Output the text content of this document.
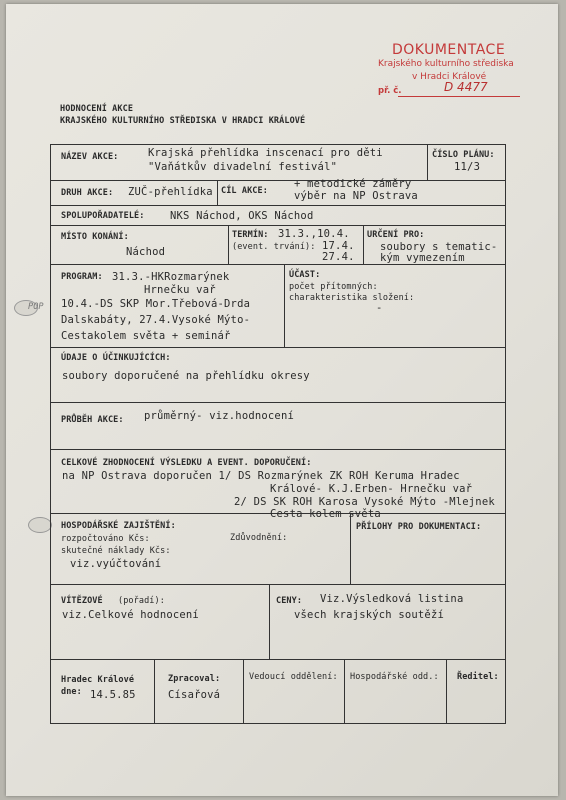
POP
DOKUMENTACE
Krajského kulturního střediska
v Hradci Králové
př. č.	D 4477
HODNOCENÍ AKCE
KRAJSKÉHO KULTURNÍHO STŘEDISKA V HRADCI KRÁLOVÉ
NÁZEV AKCE:	Krajská přehlídka inscenací pro děti
"Vaňátkův divadelní festivál"
ČÍSLO PLÁNU:
11/3
DRUH AKCE: ZUČ-přehlídka CÍL AKCE:
+ metodické záměry
výběr na NP Ostrava
SPOLUPOŘADATELÉ: NKS Náchod, OKS Náchod
MÍSTO KONÁNÍ:
Náchod
TERMÍN:
(event. trvání):
31.3.,10.4.
17.4.
27.4.
URČENÍ PRO:
soubory s tematic-
kým vymezením
PROGRAM: 31.3.-HKRozmarýnek
Hrnečku vař
10.4.-DS SKP Mor.Třebová-Drda
Dalskabáty, 27.4.Vysoké Mýto-
Cestakolem světa + seminář
ÚČAST:
počet přítomných:
charakteristika složení:
-
ÚDAJE O ÚČINKUJÍCÍCH:
soubory doporučené na přehlídku okresy
PRŮBĚH AKCE: průměrný- viz.hodnocení
CELKOVÉ ZHODNOCENÍ VÝSLEDKU A EVENT. DOPORUČENÍ:
na NP Ostrava doporučen 1/ DS Rozmarýnek ZK ROH Keruma Hradec
Králové- K.J.Erben- Hrnečku vař
2/ DS SK ROH Karosa Vysoké Mýto -Mlejnek
Cesta kolem světa
HOSPODÁŘSKÉ ZAJIŠTĚNÍ:
rozpočtováno Kčs:
skutečné náklady Kčs:
viz.vyúčtování
Zdůvodnění:
PŘÍLOHY PRO DOKUMENTACI:
VÍTĚZOVÉ (pořadí):
viz.Celkové hodnocení
CENY: Viz.Výsledková listina
všech krajských soutěží
Hradec Králové
dne: 14.5.85
Zpracoval:
Císařová
Vedoucí oddělení: Hospodářské odd.: Ředitel:
